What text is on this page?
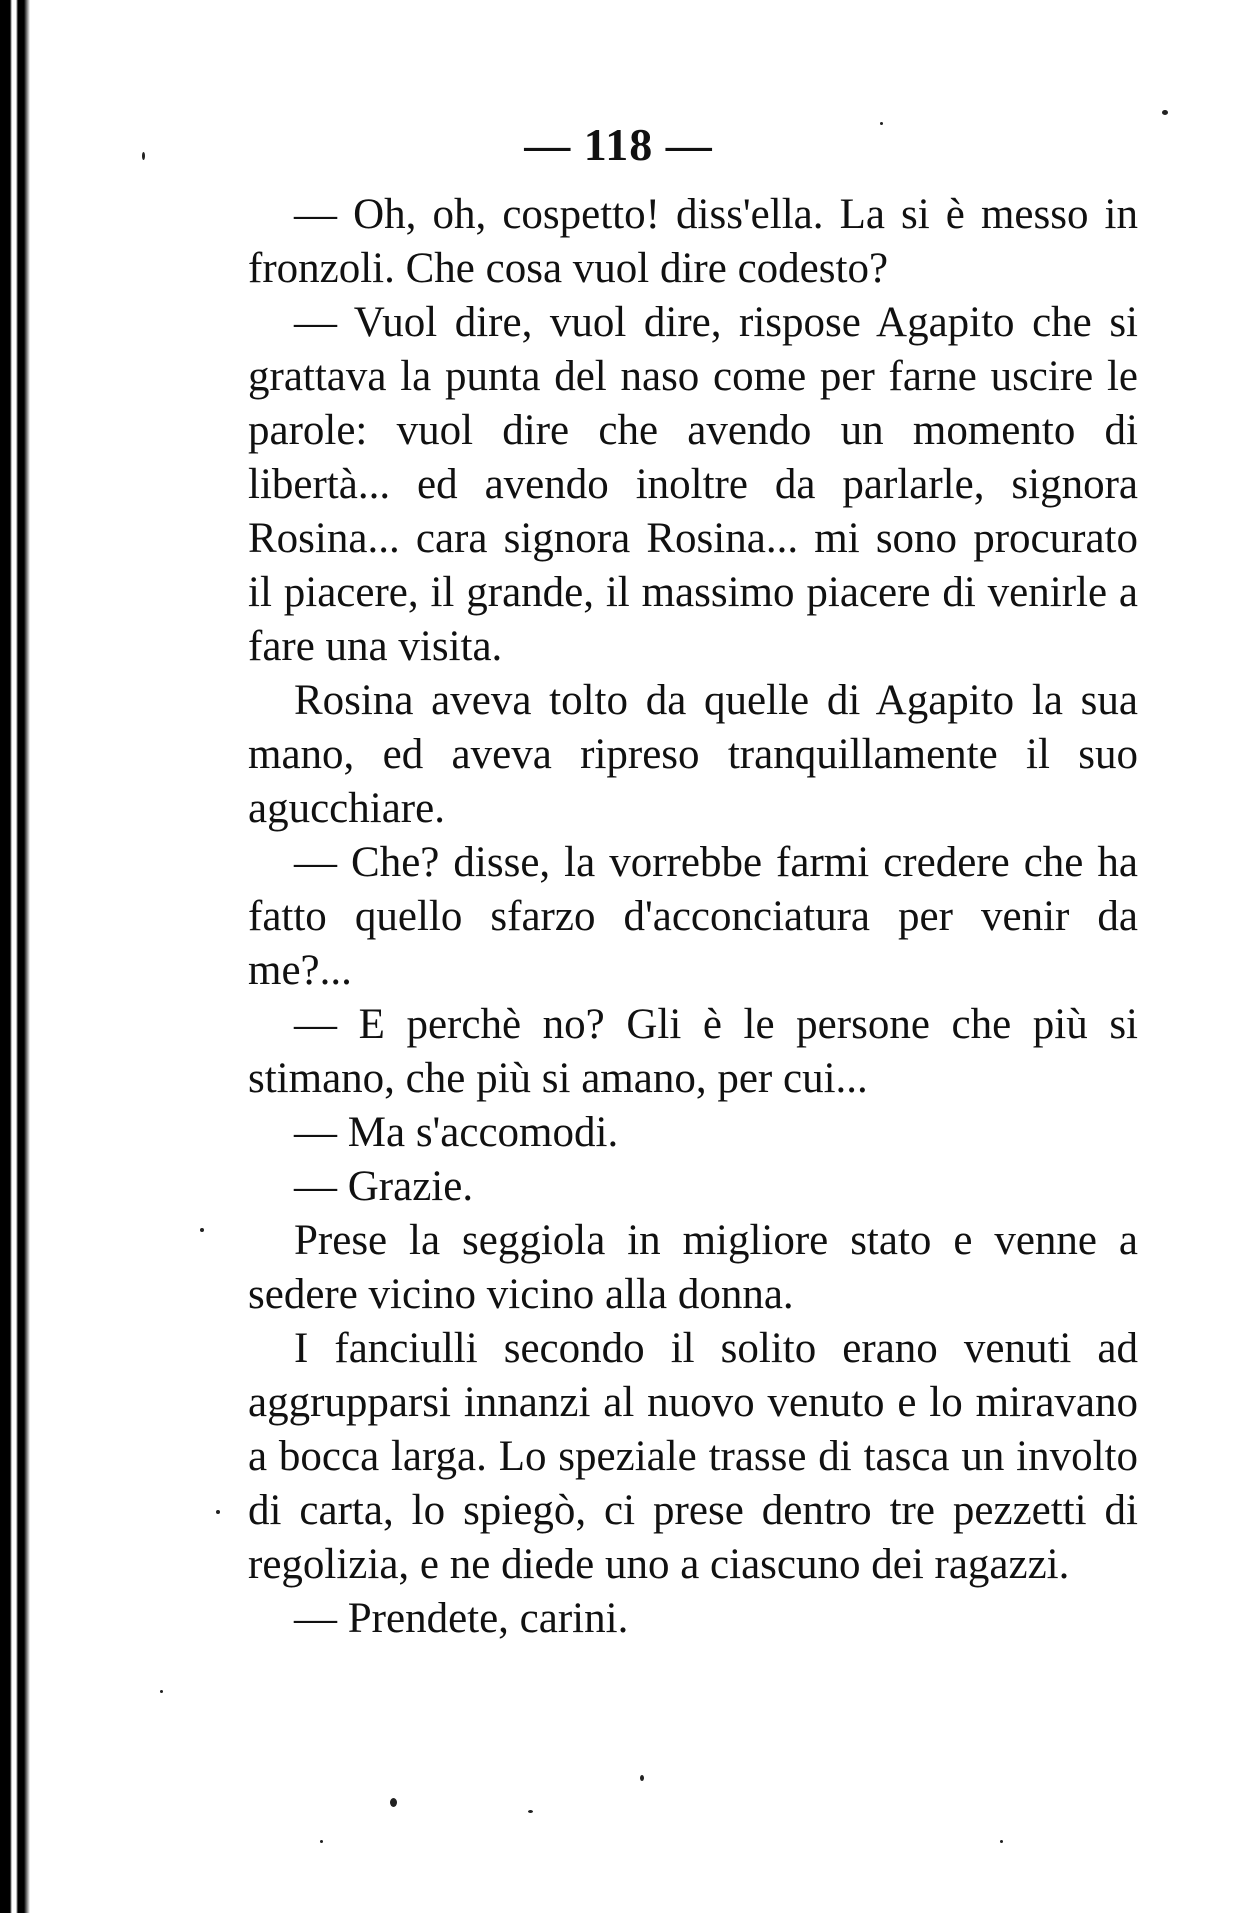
— 118 —

— Oh, oh, cospetto! diss'ella. La si è messo in fronzoli. Che cosa vuol dire codesto?

— Vuol dire, vuol dire, rispose Agapito che si grattava la punta del naso come per farne uscire le parole: vuol dire che avendo un momento di libertà... ed avendo inoltre da parlarle, signora Rosina... cara signora Rosina... mi sono procurato il piacere, il grande, il massimo piacere di venirle a fare una visita.

Rosina aveva tolto da quelle di Agapito la sua mano, ed aveva ripreso tranquillamente il suo agucchiare.

— Che? disse, la vorrebbe farmi credere che ha fatto quello sfarzo d'acconciatura per venir da me?...

— E perchè no? Gli è le persone che più si stimano, che più si amano, per cui...

— Ma s'accomodi.

— Grazie.

Prese la seggiola in migliore stato e venne a sedere vicino vicino alla donna.

I fanciulli secondo il solito erano venuti ad aggrupparsi innanzi al nuovo venuto e lo miravano a bocca larga. Lo speziale trasse di tasca un involto di carta, lo spiegò, ci prese dentro tre pezzetti di regolizia, e ne diede uno a ciascuno dei ragazzi.

— Prendete, carini.
